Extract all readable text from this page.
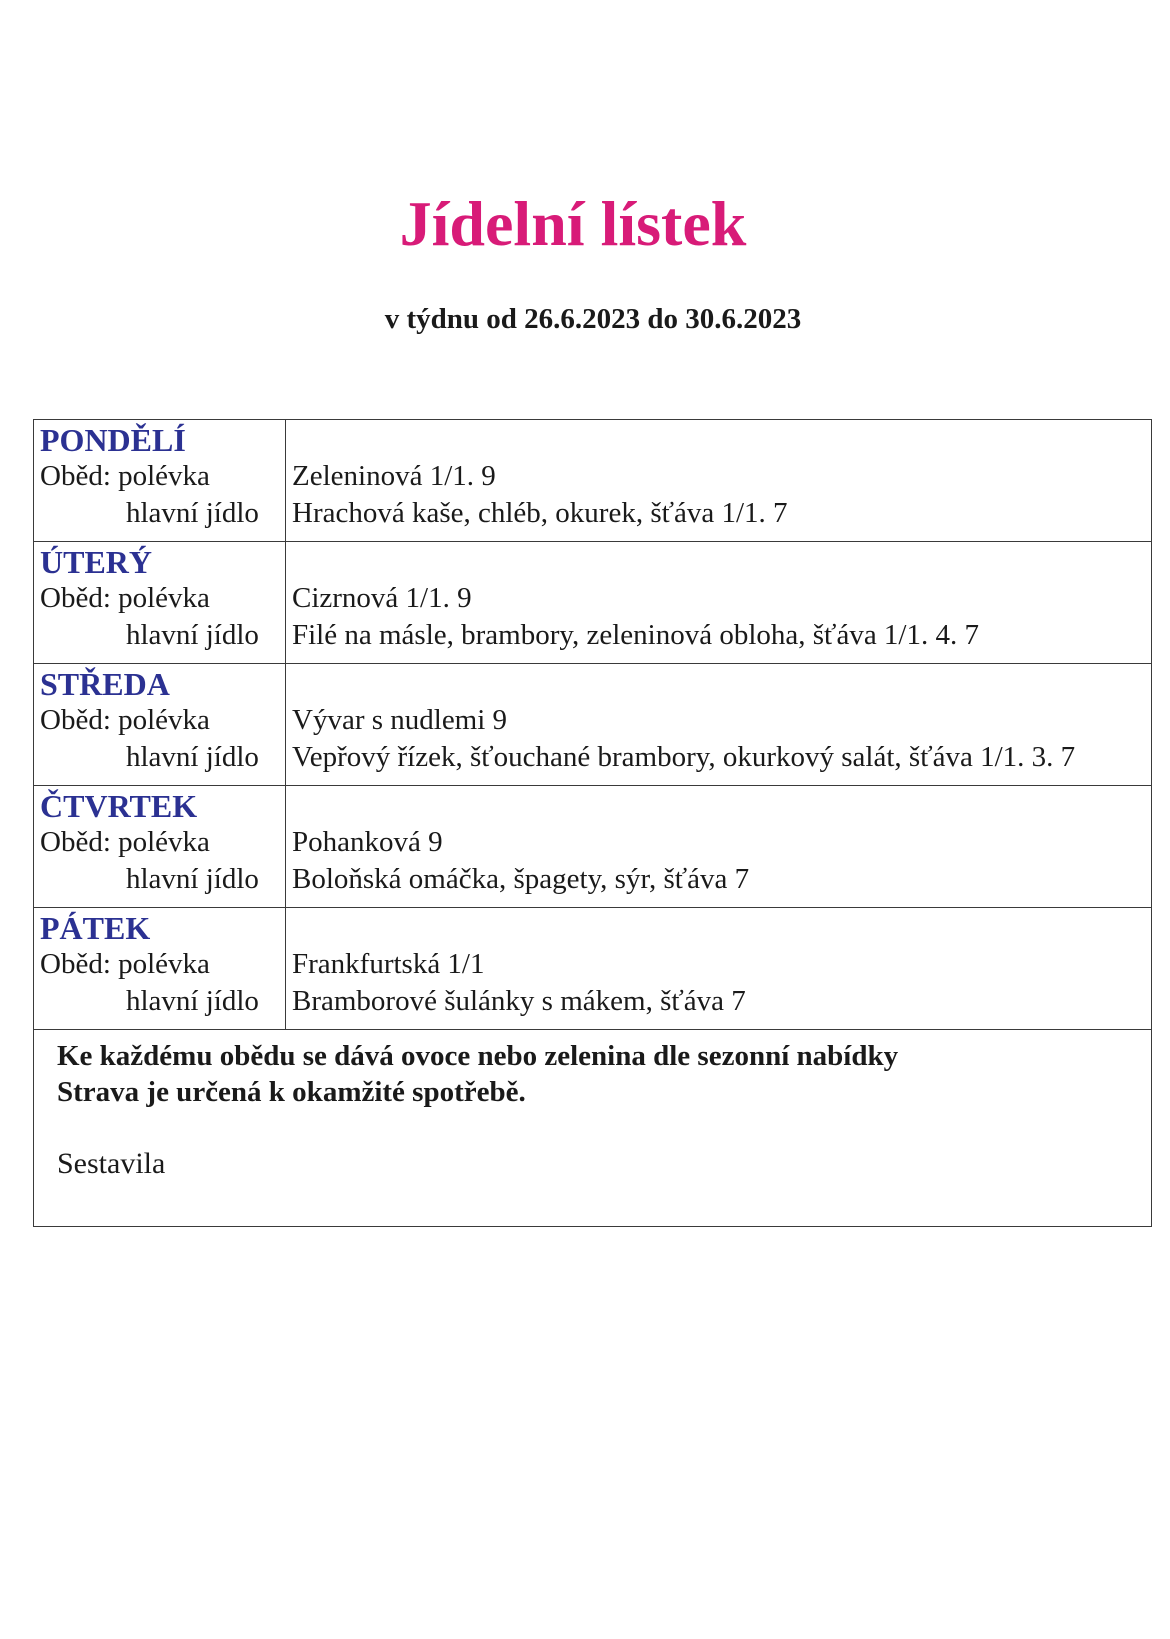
Jídelní lístek
v týdnu od 26.6.2023 do 30.6.2023
PONDĚLÍ
Oběd: polévka
hlavní jídlo
Zeleninová 1/1. 9
Hrachová kaše, chléb, okurek, šťáva 1/1. 7
ÚTERÝ
Oběd: polévka
hlavní jídlo
Cizrnová 1/1. 9
Filé na másle, brambory, zeleninová obloha, šťáva 1/1. 4. 7
STŘEDA
Oběd: polévka
hlavní jídlo
Vývar s nudlemi 9
Vepřový řízek, šťouchané brambory, okurkový salát, šťáva 1/1. 3. 7
ČTVRTEK
Oběd: polévka
hlavní jídlo
Pohanková 9
Boloňská omáčka, špagety, sýr, šťáva 7
PÁTEK
Oběd: polévka
hlavní jídlo
Frankfurtská 1/1
Bramborové šulánky s mákem, šťáva 7
Ke každému obědu se dává ovoce nebo zelenina dle sezonní nabídky
Strava je určená k okamžité spotřebě.
Sestavila
